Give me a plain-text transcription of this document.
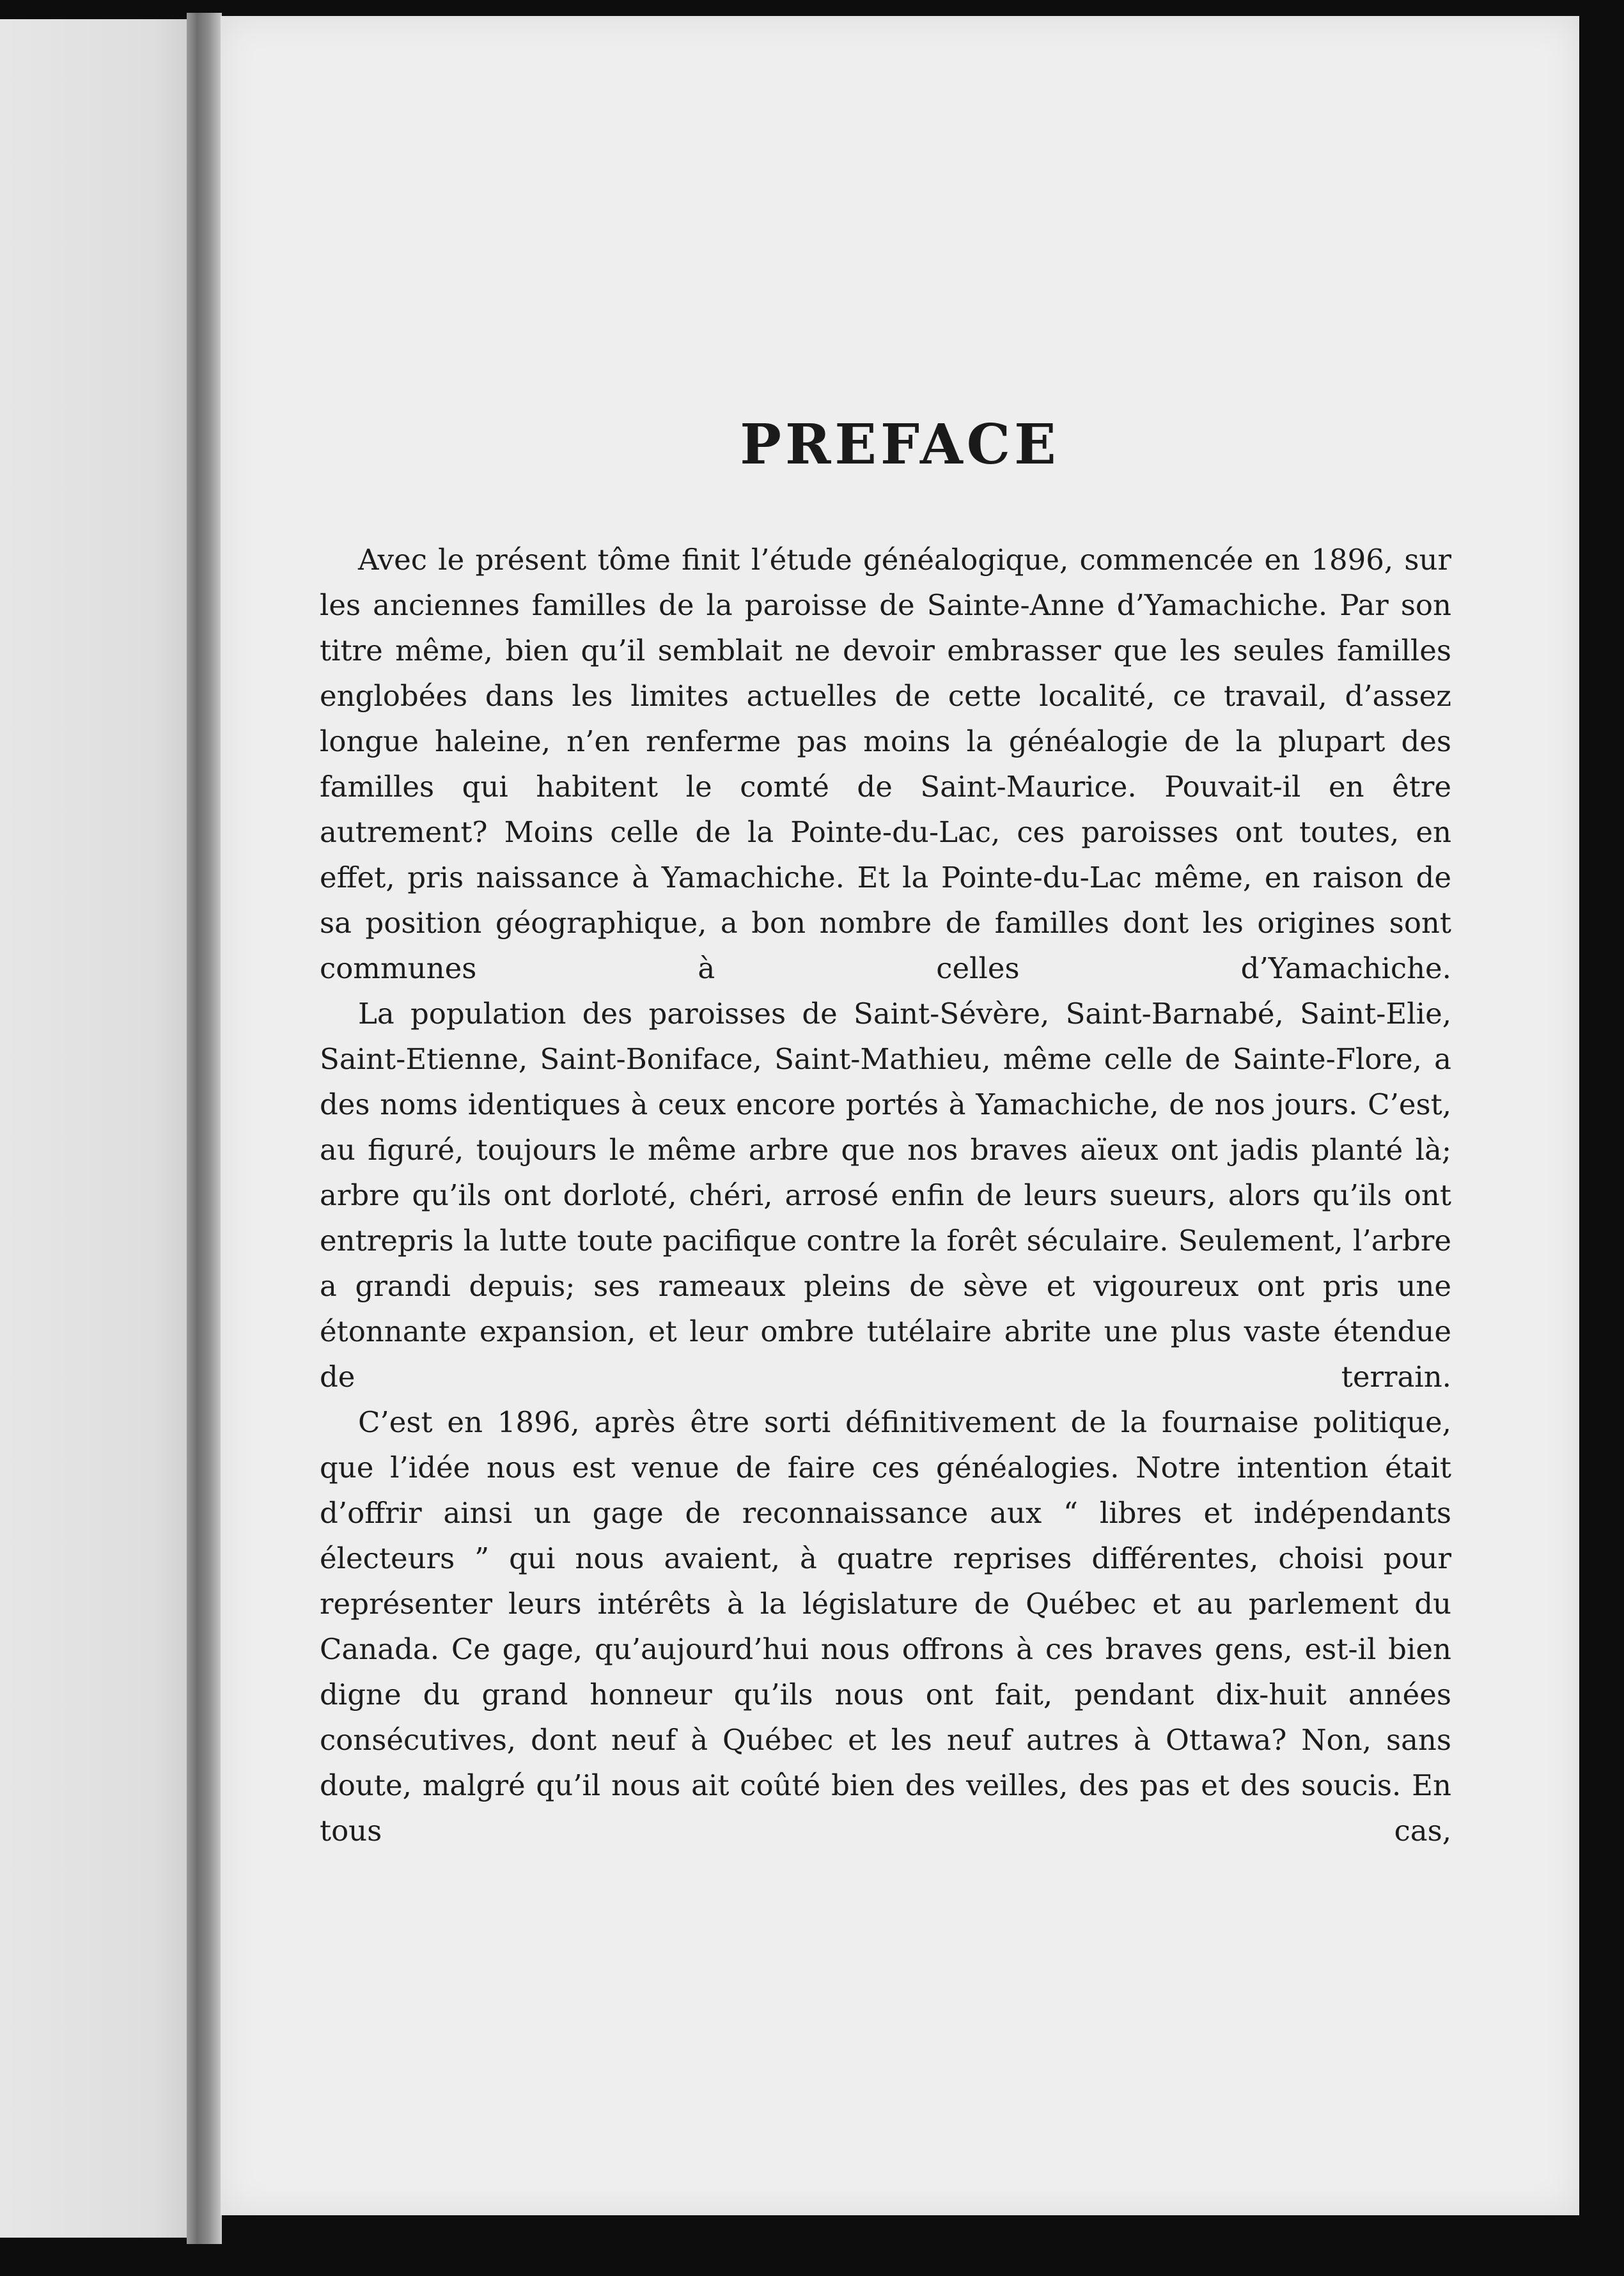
PREFACE

Avec le présent tôme finit l’étude généalogique, commencée en 1896, sur les anciennes familles de la paroisse de Sainte-Anne d’Yamachiche. Par son titre même, bien qu’il semblait ne devoir embrasser que les seules familles englobées dans les limites actuelles de cette localité, ce travail, d’assez longue haleine, n’en renferme pas moins la généalogie de la plupart des familles qui habitent le comté de Saint-Maurice. Pouvait-il en être autrement? Moins celle de la Pointe-du-Lac, ces paroisses ont toutes, en effet, pris naissance à Yamachiche. Et la Pointe-du-Lac même, en raison de sa position géographique, a bon nombre de familles dont les origines sont communes à celles d’Yamachiche.

La population des paroisses de Saint-Sévère, Saint-Barnabé, Saint-Elie, Saint-Etienne, Saint-Boniface, Saint-Mathieu, même celle de Sainte-Flore, a des noms identiques à ceux encore portés à Yamachiche, de nos jours. C’est, au figuré, toujours le même arbre que nos braves aïeux ont jadis planté là; arbre qu’ils ont dorloté, chéri, arrosé enfin de leurs sueurs, alors qu’ils ont entrepris la lutte toute pacifique contre la forêt séculaire. Seulement, l’arbre a grandi depuis; ses rameaux pleins de sève et vigoureux ont pris une étonnante expansion, et leur ombre tutélaire abrite une plus vaste étendue de terrain.

C’est en 1896, après être sorti définitivement de la fournaise politique, que l’idée nous est venue de faire ces généalogies. Notre intention était d’offrir ainsi un gage de reconnaissance aux “ libres et indépendants électeurs ” qui nous avaient, à quatre reprises différentes, choisi pour représenter leurs intérêts à la législature de Québec et au parlement du Canada. Ce gage, qu’aujourd’hui nous offrons à ces braves gens, est-il bien digne du grand honneur qu’ils nous ont fait, pendant dix-huit années consécutives, dont neuf à Québec et les neuf autres à Ottawa? Non, sans doute, malgré qu’il nous ait coûté bien des veilles, des pas et des soucis. En tous cas,
